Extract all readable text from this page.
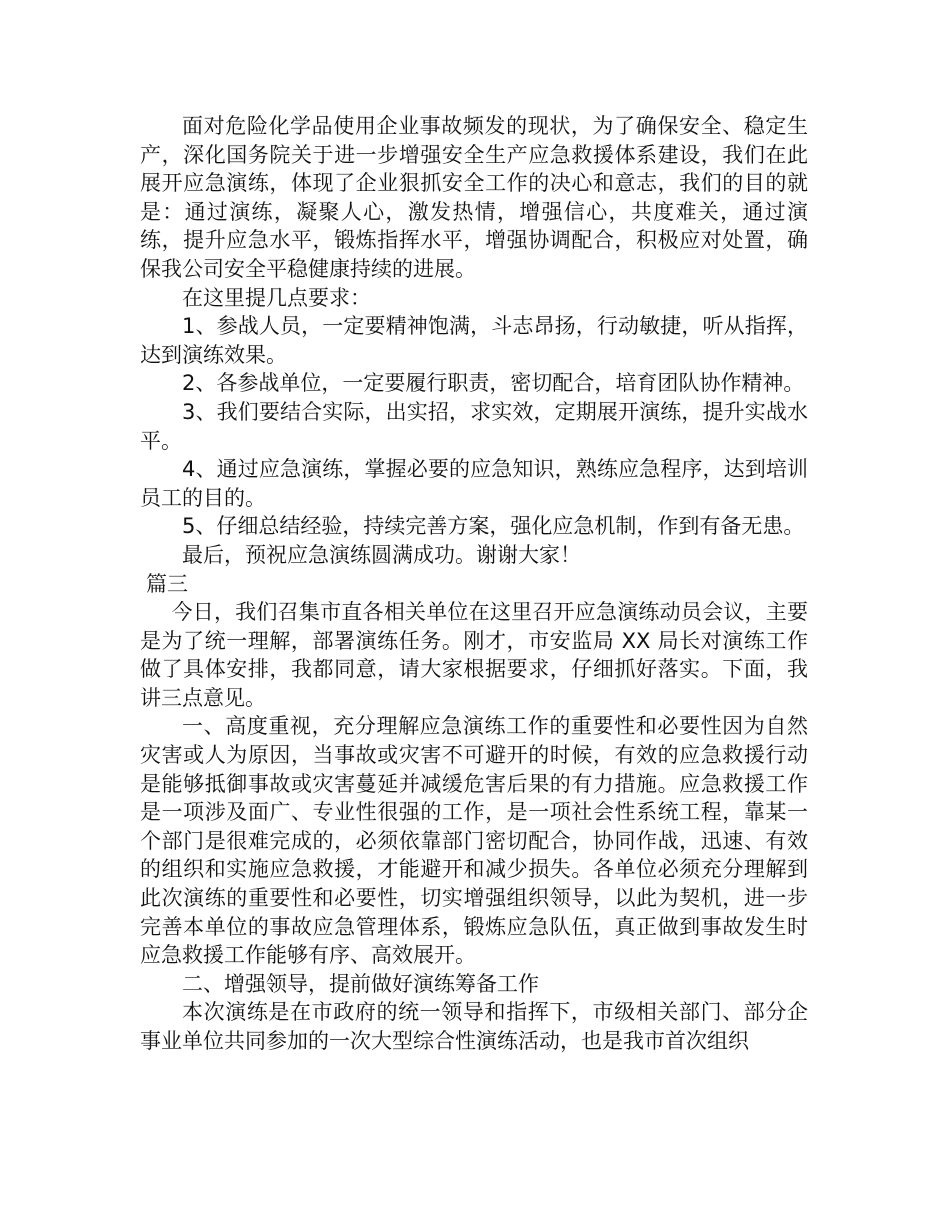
面对危险化学品使用企业事故频发的现状，为了确保安全、稳定生产，深化国务院关于进一步增强安全生产应急救援体系建设，我们在此展开应急演练，体现了企业狠抓安全工作的决心和意志，我们的目的就是：通过演练，凝聚人心，激发热情，增强信心，共度难关，通过演练，提升应急水平，锻炼指挥水平，增强协调配合，积极应对处置，确保我公司安全平稳健康持续的进展。

在这里提几点要求：

1、参战人员，一定要精神饱满，斗志昂扬，行动敏捷，听从指挥，达到演练效果。

2、各参战单位，一定要履行职责，密切配合，培育团队协作精神。

3、我们要结合实际，出实招，求实效，定期展开演练，提升实战水平。

4、通过应急演练，掌握必要的应急知识，熟练应急程序，达到培训员工的目的。

5、仔细总结经验，持续完善方案，强化应急机制，作到有备无患。

最后，预祝应急演练圆满成功。谢谢大家！

篇三

今日，我们召集市直各相关单位在这里召开应急演练动员会议，主要是为了统一理解，部署演练任务。刚才，市安监局 XX 局长对演练工作做了具体安排，我都同意，请大家根据要求，仔细抓好落实。下面，我讲三点意见。

一、高度重视，充分理解应急演练工作的重要性和必要性因为自然灾害或人为原因，当事故或灾害不可避开的时候，有效的应急救援行动是能够抵御事故或灾害蔓延并减缓危害后果的有力措施。应急救援工作是一项涉及面广、专业性很强的工作，是一项社会性系统工程，靠某一个部门是很难完成的，必须依靠部门密切配合，协同作战，迅速、有效的组织和实施应急救援，才能避开和减少损失。各单位必须充分理解到此次演练的重要性和必要性，切实增强组织领导，以此为契机，进一步完善本单位的事故应急管理体系，锻炼应急队伍，真正做到事故发生时应急救援工作能够有序、高效展开。

二、增强领导，提前做好演练筹备工作

本次演练是在市政府的统一领导和指挥下，市级相关部门、部分企事业单位共同参加的一次大型综合性演练活动，也是我市首次组织
